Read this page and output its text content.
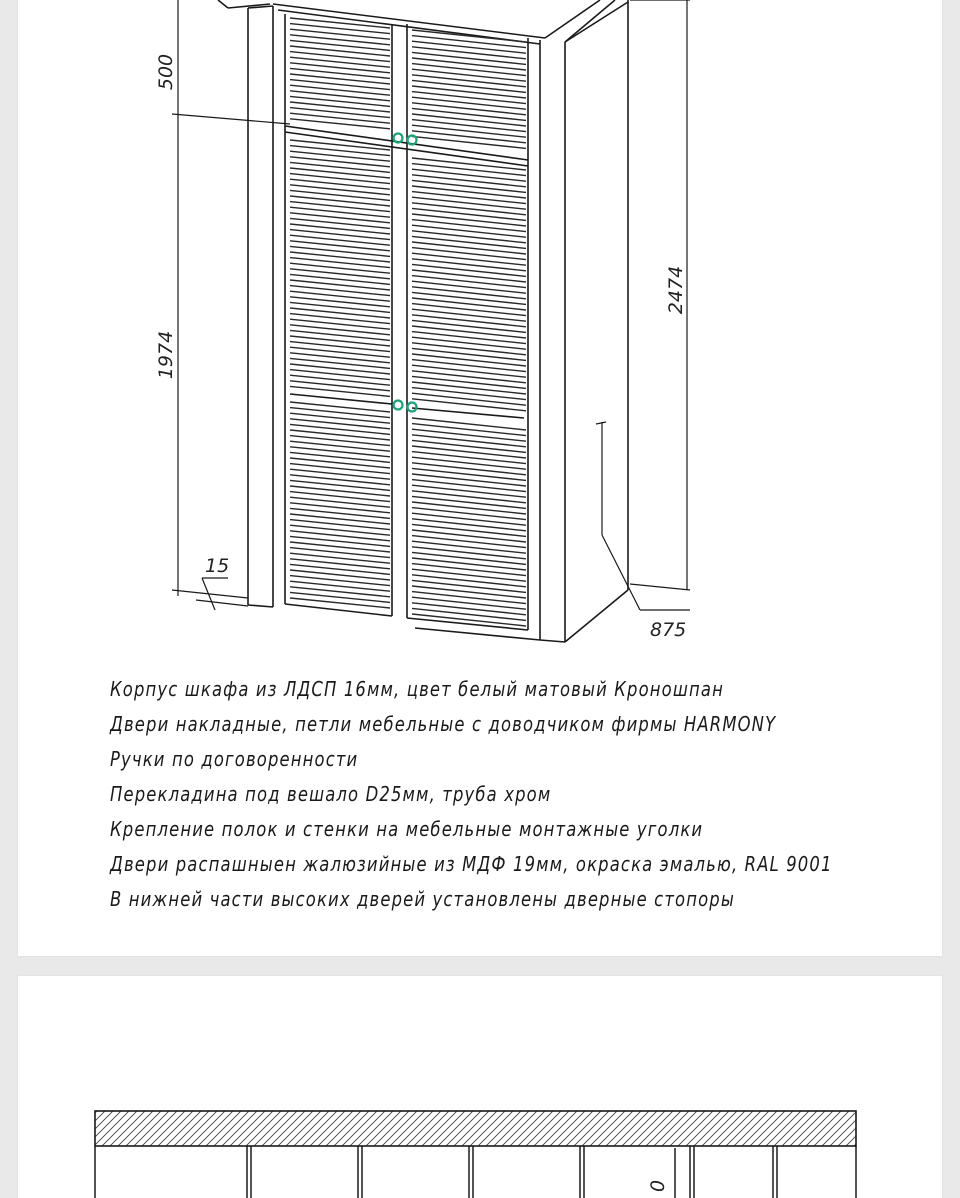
500
1974
2474
15
875
Корпус шкафа из ЛДСП 16мм, цвет белый матовый Кроношпан
Двери накладные, петли мебельные с доводчиком фирмы HARMONY
Ручки по договоренности
Перекладина под вешало D25мм, труба хром
Крепление полок и стенки на мебельные монтажные уголки
Двери распашныен жалюзийные из МДФ 19мм, окраска эмалью, RAL 9001
В нижней части высоких дверей установлены дверные стопоры
0
